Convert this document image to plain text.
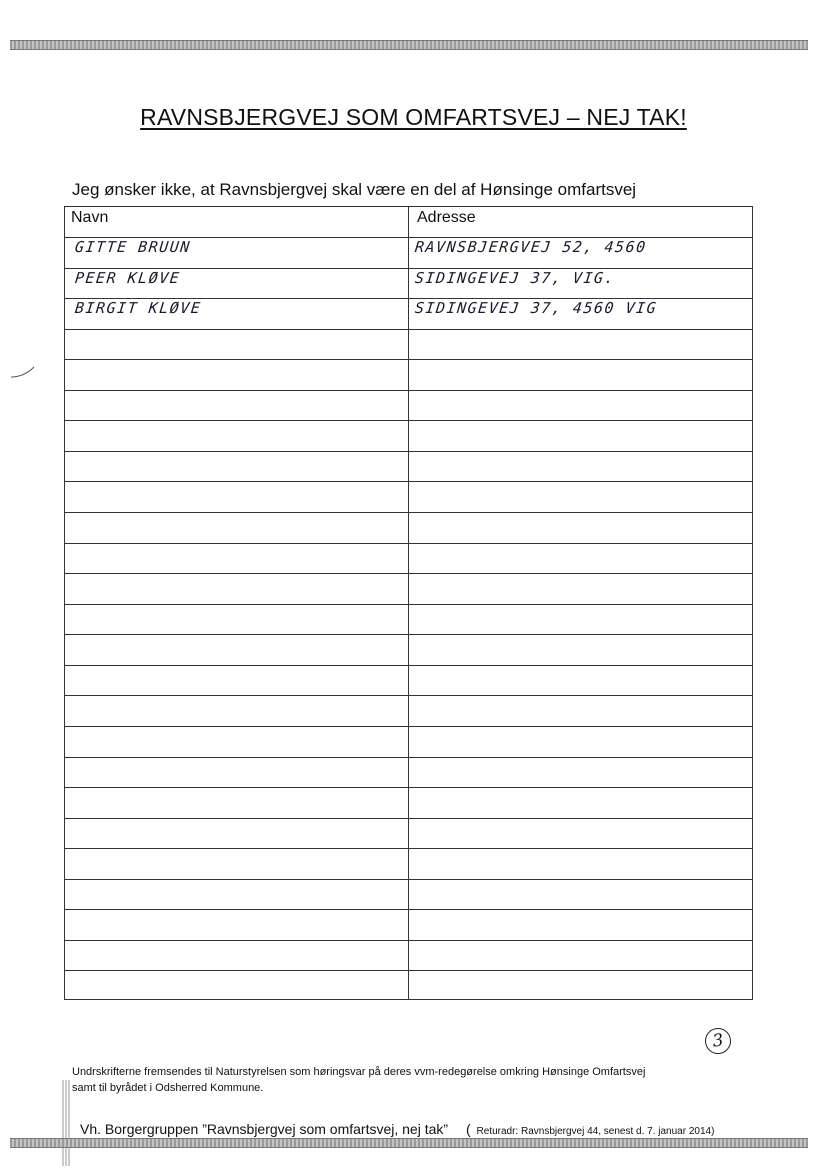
RAVNSBJERGVEJ SOM OMFARTSVEJ – NEJ TAK!
Jeg ønsker ikke, at Ravnsbjergvej skal være en del af Hønsinge omfartsvej
Navn	Adresse
GITTE BRUUN	RAVNSBJERGVEJ 52, 4560
PEER KLØVE	SIDINGEVEJ 37, VIG.
BIRGIT KLØVE	SIDINGEVEJ 37, 4560 VIG
3
Undrskrifterne fremsendes til Naturstyrelsen som høringsvar på deres vvm-redegørelse omkring Hønsinge Omfartsvej
samt til byrådet i Odsherred Kommune.
Vh. Borgergruppen ”Ravnsbjergvej som omfartsvej, nej tak” ( Returadr: Ravnsbjergvej 44, senest d. 7. januar 2014)
